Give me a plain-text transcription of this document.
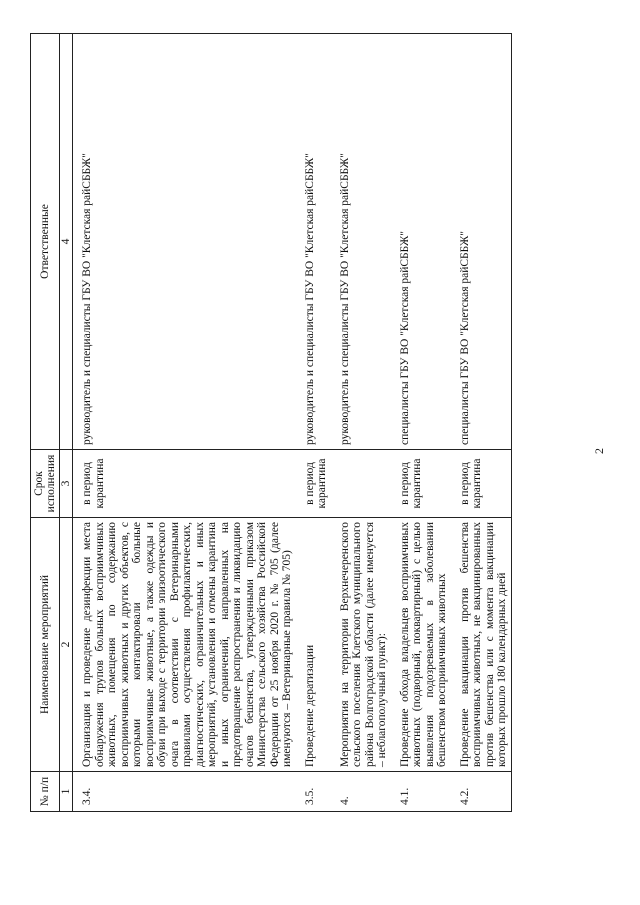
2
№ п/п	Наименование мероприятий	Срок исполнения	Ответственные
1	2	3	4
3.4.	Организация и проведение дезинфекции места обнаружения трупов больных восприимчивых животных, помещения по содержанию восприимчивых животных и других объектов, с которыми контактировали больные восприимчивые животные, а также одежды и обуви при выходе с территории эпизоотического очага в соответствии с Ветеринарными правилами осуществления профилактических, диагностических, ограничительных и иных мероприятий, установления и отмены карантина и иных ограничений, направленных на предотвращение распространения и ликвидацию очагов бешенства, утвержденными приказом Министерства сельского хозяйства Российской Федерации от 25 ноября 2020 г. № 705 (далее именуются – Ветеринарные правила № 705)	в период карантина	руководитель и специалисты ГБУ ВО "Клетская райСББЖ"
3.5.	Проведение дератизации	в период карантина	руководитель и специалисты ГБУ ВО "Клетская райСББЖ"
4.	Мероприятия на территории Верхнечеренского сельского поселения Клетского муниципального района Волгоградской области (далее именуется – неблагополучный пункт):		руководитель и специалисты ГБУ ВО "Клетская райСББЖ"
4.1.	Проведение обхода владельцев восприимчивых животных (подворный, поквартирный) с целью выявления подозреваемых в заболевании бешенством восприимчивых животных	в период карантина	специалисты ГБУ ВО "Клетская райСББЖ"
4.2.	Проведение вакцинации против бешенства восприимчивых животных, не вакцинированных против бешенства или с момента вакцинации которых прошло 180 календарных дней	в период карантина	специалисты ГБУ ВО "Клетская райСББЖ"
